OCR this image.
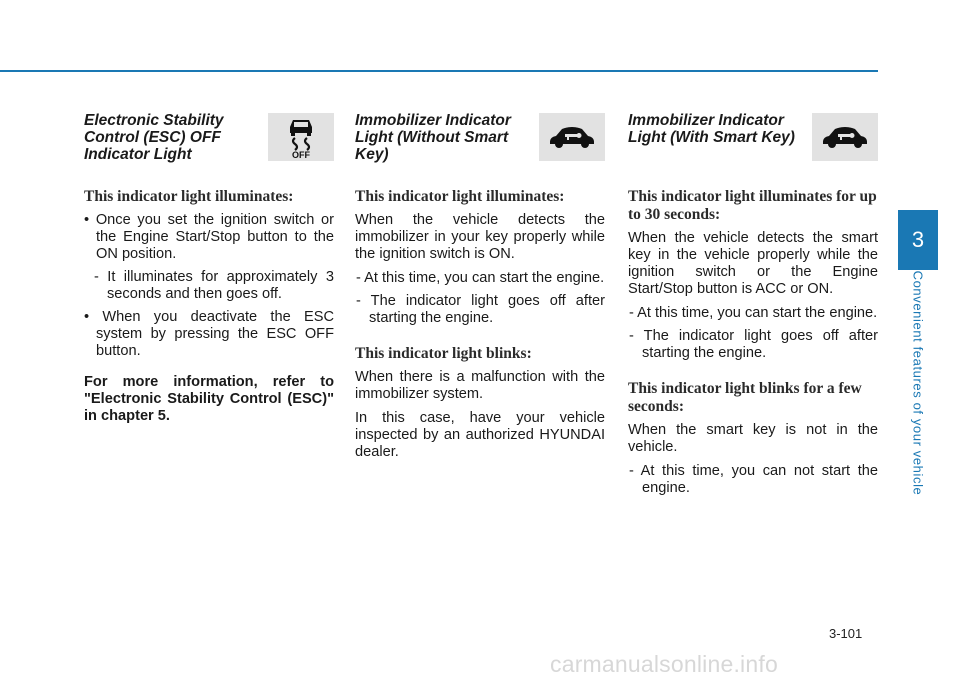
Electronic Stability Control (ESC) OFF Indicator Light	OFF
This indicator light illuminates:

• Once you set the ignition switch or the Engine Start/Stop button to the ON position.

- It illuminates for approximately 3 seconds and then goes off.

• When you deactivate the ESC system by pressing the ESC OFF button.

For more information, refer to "Electronic Stability Control (ESC)" in chapter 5.

Immobilizer Indicator Light (Without Smart Key)
This indicator light illuminates:

When the vehicle detects the immobilizer in your key properly while the ignition switch is ON.

- At this time, you can start the engine.

- The indicator light goes off after starting the engine.

This indicator light blinks:

When there is a malfunction with the immobilizer system.

In this case, have your vehicle inspected by an authorized HYUNDAI dealer.

Immobilizer Indicator Light (With Smart Key)
This indicator light illuminates for up to 30 seconds:

When the vehicle detects the smart key in the vehicle properly while the ignition switch or the Engine Start/Stop button is ACC or ON.

- At this time, you can start the engine.

- The indicator light goes off after starting the engine.

This indicator light blinks for a few seconds:

When the smart key is not in the vehicle.

- At this time, you can not start the engine.

3
Convenient features of your vehicle
3-101
carmanualsonline.info
